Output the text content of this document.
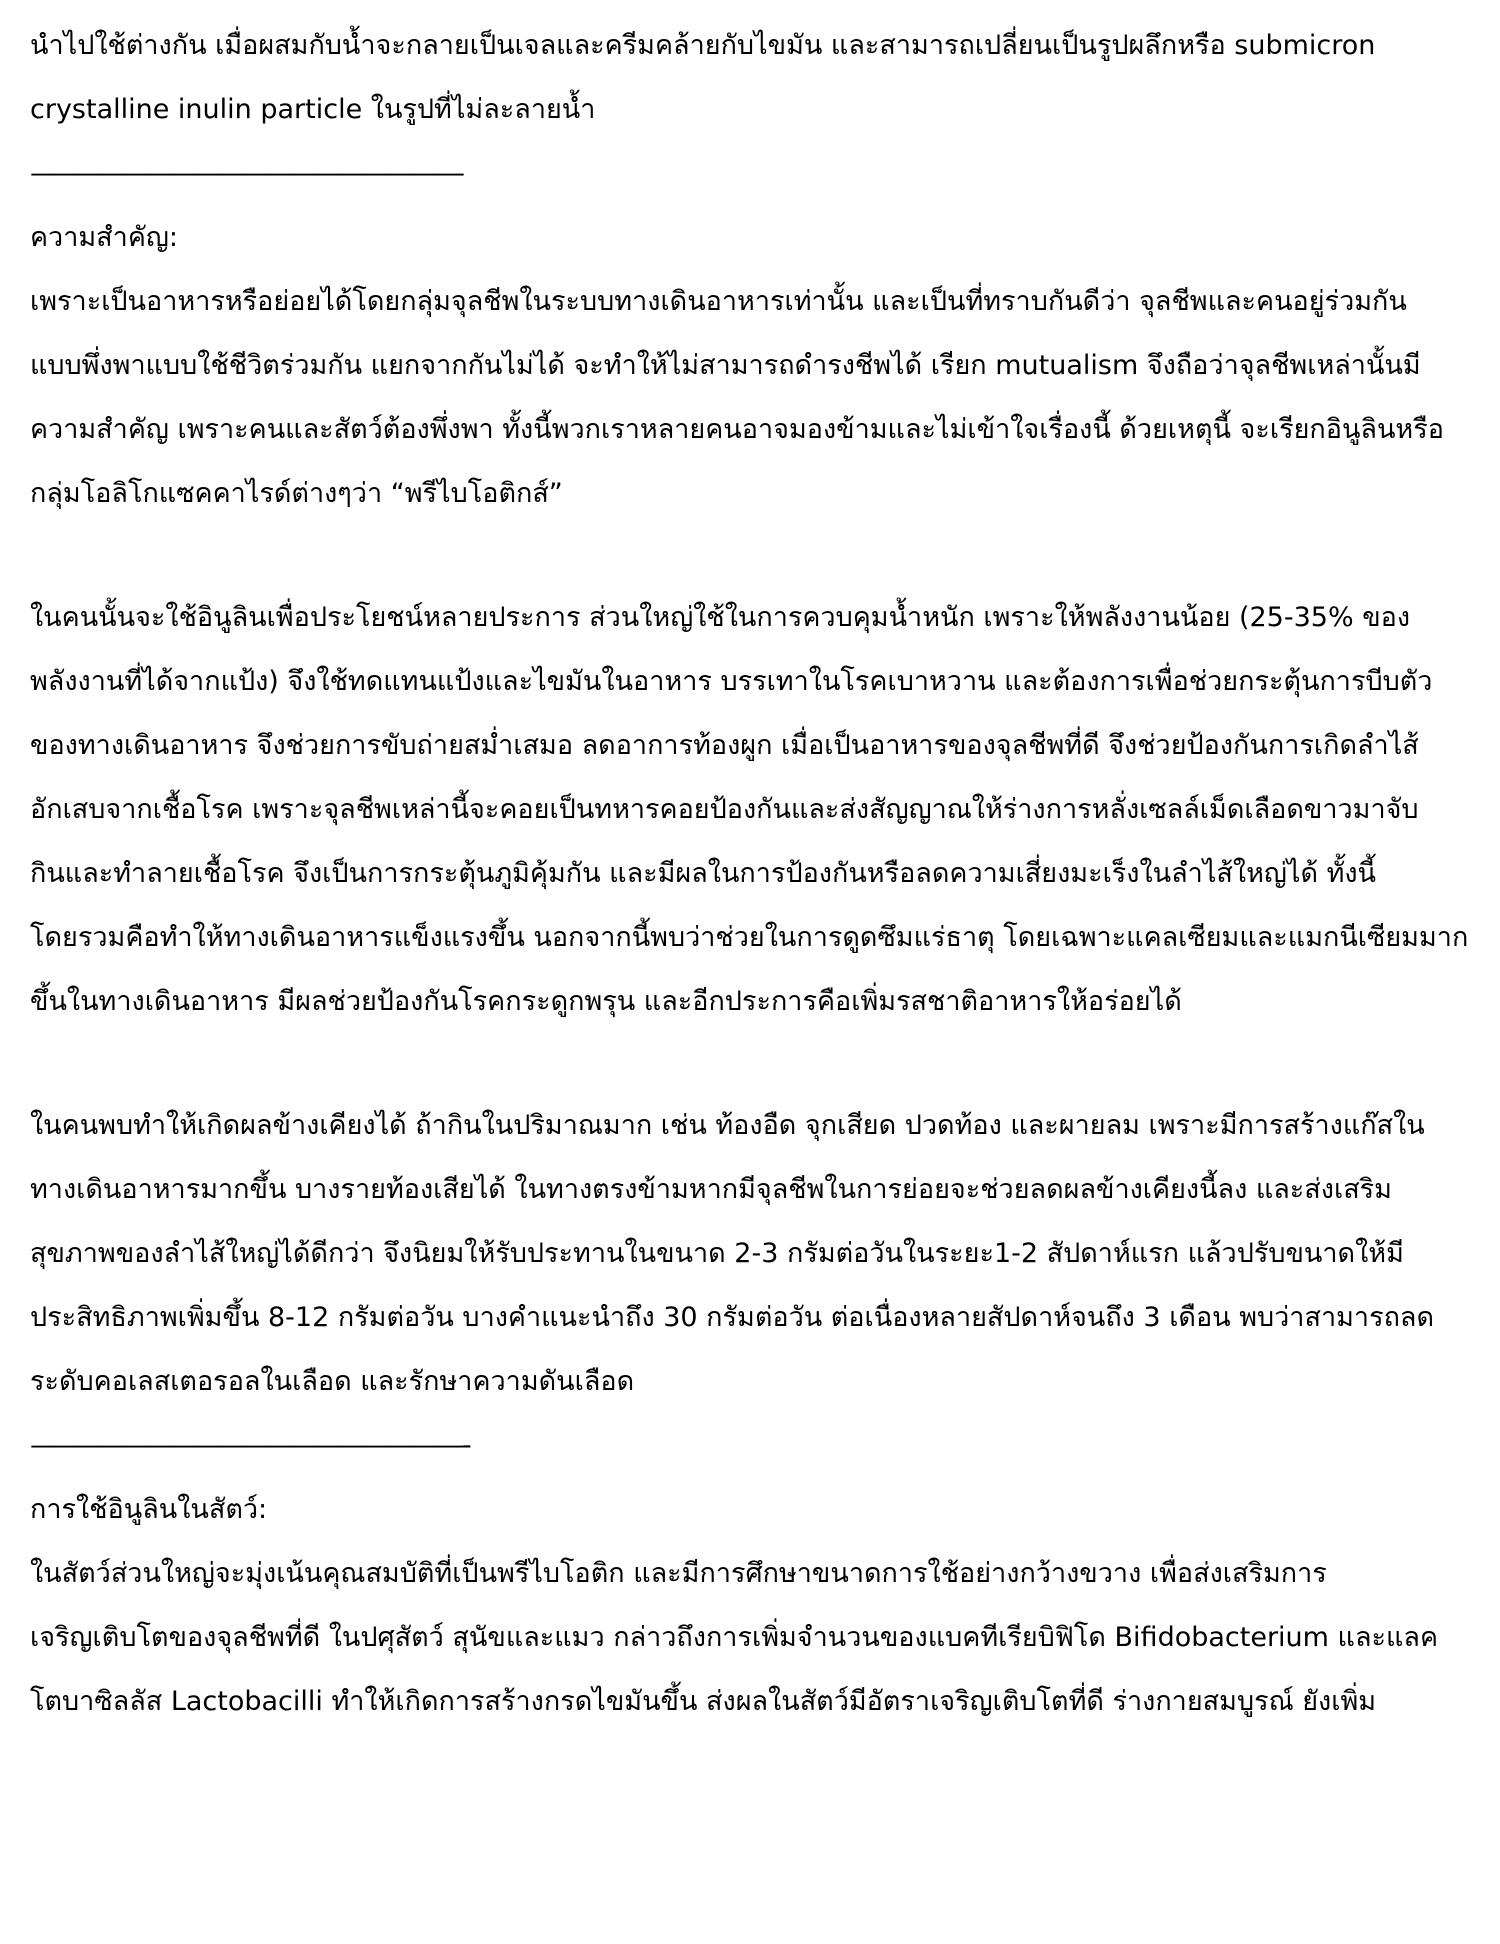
นำไปใช้ต่างกัน เมื่อผสมกับน้ำจะกลายเป็นเจลและครีมคล้ายกับไขมัน และสามารถเปลี่ยนเป็นรูปผลึกหรือ submicron
crystalline inulin particle ในรูปที่ไม่ละลายน้ำ
——————————————————
ความสำคัญ:
เพราะเป็นอาหารหรือย่อยได้โดยกลุ่มจุลชีพในระบบทางเดินอาหารเท่านั้น และเป็นที่ทราบกันดีว่า จุลชีพและคนอยู่ร่วมกัน
แบบพึ่งพาแบบใช้ชีวิตร่วมกัน แยกจากกันไม่ได้ จะทำให้ไม่สามารถดำรงชีพได้ เรียก mutualism จึงถือว่าจุลชีพเหล่านั้นมี
ความสำคัญ เพราะคนและสัตว์ต้องพึ่งพา ทั้งนี้พวกเราหลายคนอาจมองข้ามและไม่เข้าใจเรื่องนี้ ด้วยเหตุนี้ จะเรียกอินูลินหรือ
กลุ่มโอลิโกแซคคาไรด์ต่างๆว่า “พรีไบโอติกส์”
ในคนนั้นจะใช้อินูลินเพื่อประโยชน์หลายประการ ส่วนใหญ่ใช้ในการควบคุมน้ำหนัก เพราะให้พลังงานน้อย (25-35% ของ
พลังงานที่ได้จากแป้ง) จึงใช้ทดแทนแป้งและไขมันในอาหาร บรรเทาในโรคเบาหวาน และต้องการเพื่อช่วยกระตุ้นการบีบตัว
ของทางเดินอาหาร จึงช่วยการขับถ่ายสม่ำเสมอ ลดอาการท้องผูก เมื่อเป็นอาหารของจุลชีพที่ดี จึงช่วยป้องกันการเกิดลำไส้
อักเสบจากเชื้อโรค เพราะจุลชีพเหล่านี้จะคอยเป็นทหารคอยป้องกันและส่งสัญญาณให้ร่างการหลั่งเซลล์เม็ดเลือดขาวมาจับ
กินและทำลายเชื้อโรค จึงเป็นการกระตุ้นภูมิคุ้มกัน และมีผลในการป้องกันหรือลดความเสี่ยงมะเร็งในลำไส้ใหญ่ได้ ทั้งนี้
โดยรวมคือทำให้ทางเดินอาหารแข็งแรงขึ้น นอกจากนี้พบว่าช่วยในการดูดซึมแร่ธาตุ โดยเฉพาะแคลเซียมและแมกนีเซียมมาก
ขึ้นในทางเดินอาหาร มีผลช่วยป้องกันโรคกระดูกพรุน และอีกประการคือเพิ่มรสชาติอาหารให้อร่อยได้
ในคนพบทำให้เกิดผลข้างเคียงได้ ถ้ากินในปริมาณมาก เช่น ท้องอืด จุกเสียด ปวดท้อง และผายลม เพราะมีการสร้างแก๊สใน
ทางเดินอาหารมากขึ้น บางรายท้องเสียได้ ในทางตรงข้ามหากมีจุลชีพในการย่อยจะช่วยลดผลข้างเคียงนี้ลง และส่งเสริม
สุขภาพของลำไส้ใหญ่ได้ดีกว่า จึงนิยมให้รับประทานในขนาด 2-3 กรัมต่อวันในระยะ1-2 สัปดาห์แรก แล้วปรับขนาดให้มี
ประสิทธิภาพเพิ่มขึ้น 8-12 กรัมต่อวัน บางคำแนะนำถึง 30 กรัมต่อวัน ต่อเนื่องหลายสัปดาห์จนถึง 3 เดือน พบว่าสามารถลด
ระดับคอเลสเตอรอลในเลือด และรักษาความดันเลือด
——————————————————-
การใช้อินูลินในสัตว์:
ในสัตว์ส่วนใหญ่จะมุ่งเน้นคุณสมบัติที่เป็นพรีไบโอติก และมีการศึกษาขนาดการใช้อย่างกว้างขวาง เพื่อส่งเสริมการ
เจริญเติบโตของจุลชีพที่ดี ในปศุสัตว์ สุนัขและแมว กล่าวถึงการเพิ่มจำนวนของแบคทีเรียบิฟิโด Bifidobacterium และแลค
โตบาซิลลัส Lactobacilli ทำให้เกิดการสร้างกรดไขมันขึ้น ส่งผลในสัตว์มีอัตราเจริญเติบโตที่ดี ร่างกายสมบูรณ์ ยังเพิ่ม
